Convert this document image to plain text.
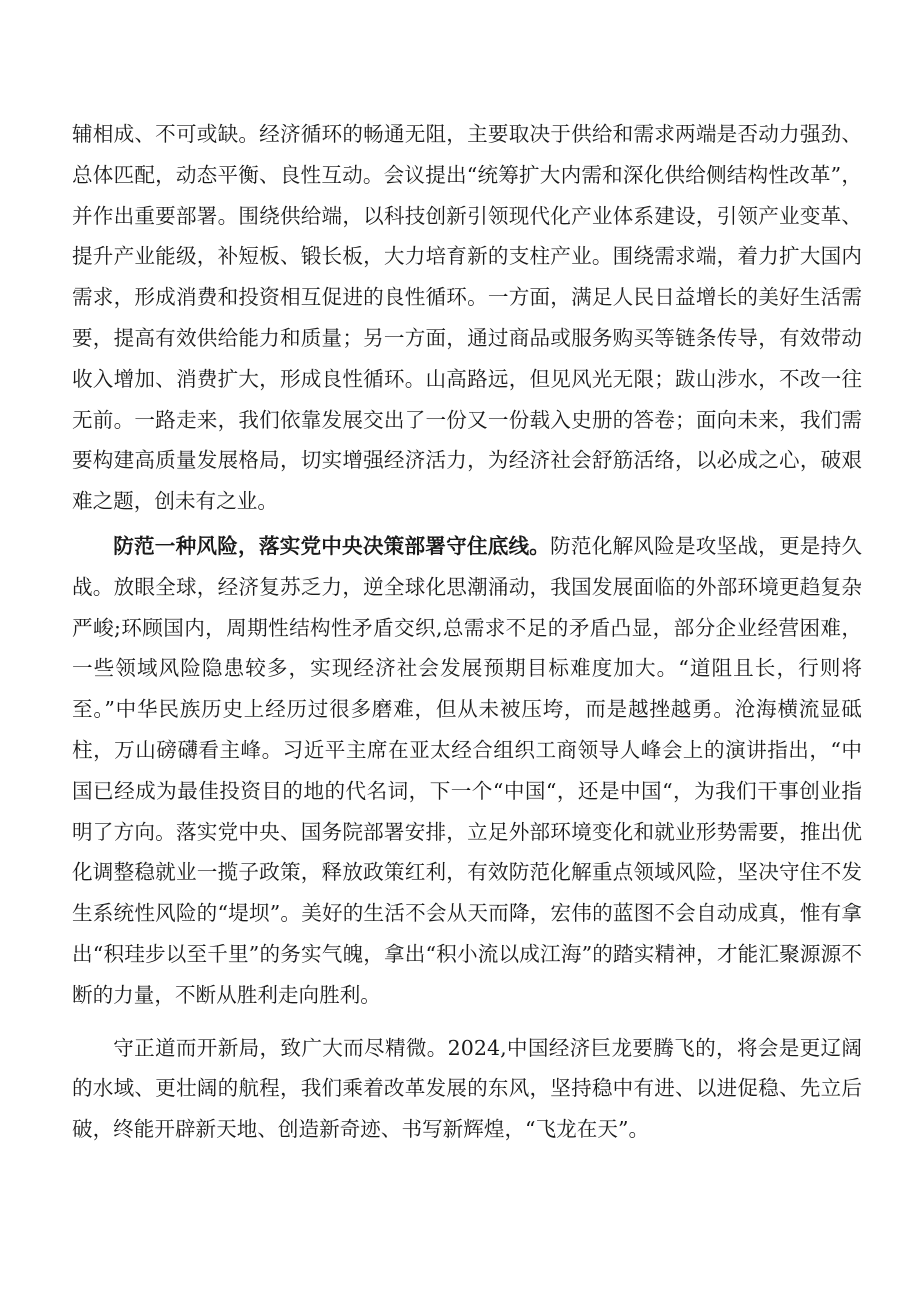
辅相成、不可或缺。经济循环的畅通无阻，主要取决于供给和需求两端是否动力强劲、总体匹配，动态平衡、良性互动。会议提出“统筹扩大内需和深化供给侧结构性改革”，并作出重要部署。围绕供给端，以科技创新引领现代化产业体系建设，引领产业变革、提升产业能级，补短板、锻长板，大力培育新的支柱产业。围绕需求端，着力扩大国内需求，形成消费和投资相互促进的良性循环。一方面，满足人民日益增长的美好生活需要，提高有效供给能力和质量；另一方面，通过商品或服务购买等链条传导，有效带动收入增加、消费扩大，形成良性循环。山高路远，但见风光无限；跋山涉水，不改一往无前。一路走来，我们依靠发展交出了一份又一份载入史册的答卷；面向未来，我们需要构建高质量发展格局，切实增强经济活力，为经济社会舒筋活络，以必成之心，破艰难之题，创未有之业。

防范一种风险，落实党中央决策部署守住底线。防范化解风险是攻坚战，更是持久战。放眼全球，经济复苏乏力，逆全球化思潮涌动，我国发展面临的外部环境更趋复杂严峻;环顾国内，周期性结构性矛盾交织,总需求不足的矛盾凸显，部分企业经营困难，一些领域风险隐患较多，实现经济社会发展预期目标难度加大。“道阻且长，行则将至。”中华民族历史上经历过很多磨难，但从未被压垮，而是越挫越勇。沧海横流显砥柱，万山磅礴看主峰。习近平主席在亚太经合组织工商领导人峰会上的演讲指出，“中国已经成为最佳投资目的地的代名词，下一个“中国“，还是中国“，为我们干事创业指明了方向。落实党中央、国务院部署安排，立足外部环境变化和就业形势需要，推出优化调整稳就业一揽子政策，释放政策红利，有效防范化解重点领域风险，坚决守住不发生系统性风险的“堤坝”。美好的生活不会从天而降，宏伟的蓝图不会自动成真，惟有拿出“积珪步以至千里”的务实气魄，拿出“积小流以成江海”的踏实精神，才能汇聚源源不断的力量，不断从胜利走向胜利。

守正道而开新局，致广大而尽精微。2024,中国经济巨龙要腾飞的，将会是更辽阔的水域、更壮阔的航程，我们乘着改革发展的东风，坚持稳中有进、以进促稳、先立后破，终能开辟新天地、创造新奇迹、书写新辉煌，“飞龙在天”。
